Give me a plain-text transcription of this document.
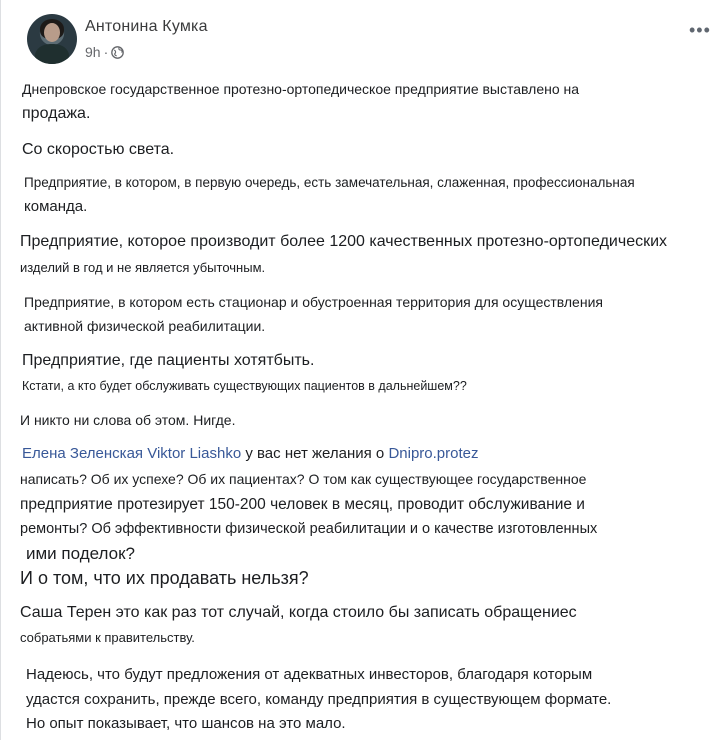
Антонина Кумка
9h ·
•••
Днепровское государственное протезно-ортопедическое предприятие выставлено на
продажа.
Со скоростью света.
Предприятие, в котором, в первую очередь, есть замечательная, слаженная, профессиональная
команда.
Предприятие, которое производит более 1200 качественных протезно-ортопедических
изделий в год и не является убыточным.
Предприятие, в котором есть стационар и обустроенная территория для осуществления
активной физической реабилитации.
Предприятие, где пациенты хотятбыть.
Кстати, а кто будет обслуживать существующих пациентов в дальнейшем??
И никто ни слова об этом. Нигде.
Елена Зеленская Viktor Liashko у вас нет желания о Dnipro.protez
написать? Об их успехе? Об их пациентах? О том как существующее государственное
предприятие протезирует 150-200 человек в месяц, проводит обслуживание и
ремонты? Об эффективности физической реабилитации и о качестве изготовленных
ими поделок?
И о том, что их продавать нельзя?
Саша Терен это как раз тот случай, когда стоило бы записать обращениес
собратьями к правительству.
Надеюсь, что будут предложения от адекватных инвесторов, благодаря которым
удастся сохранить, прежде всего, команду предприятия в существующем формате.
Но опыт показывает, что шансов на это мало.
